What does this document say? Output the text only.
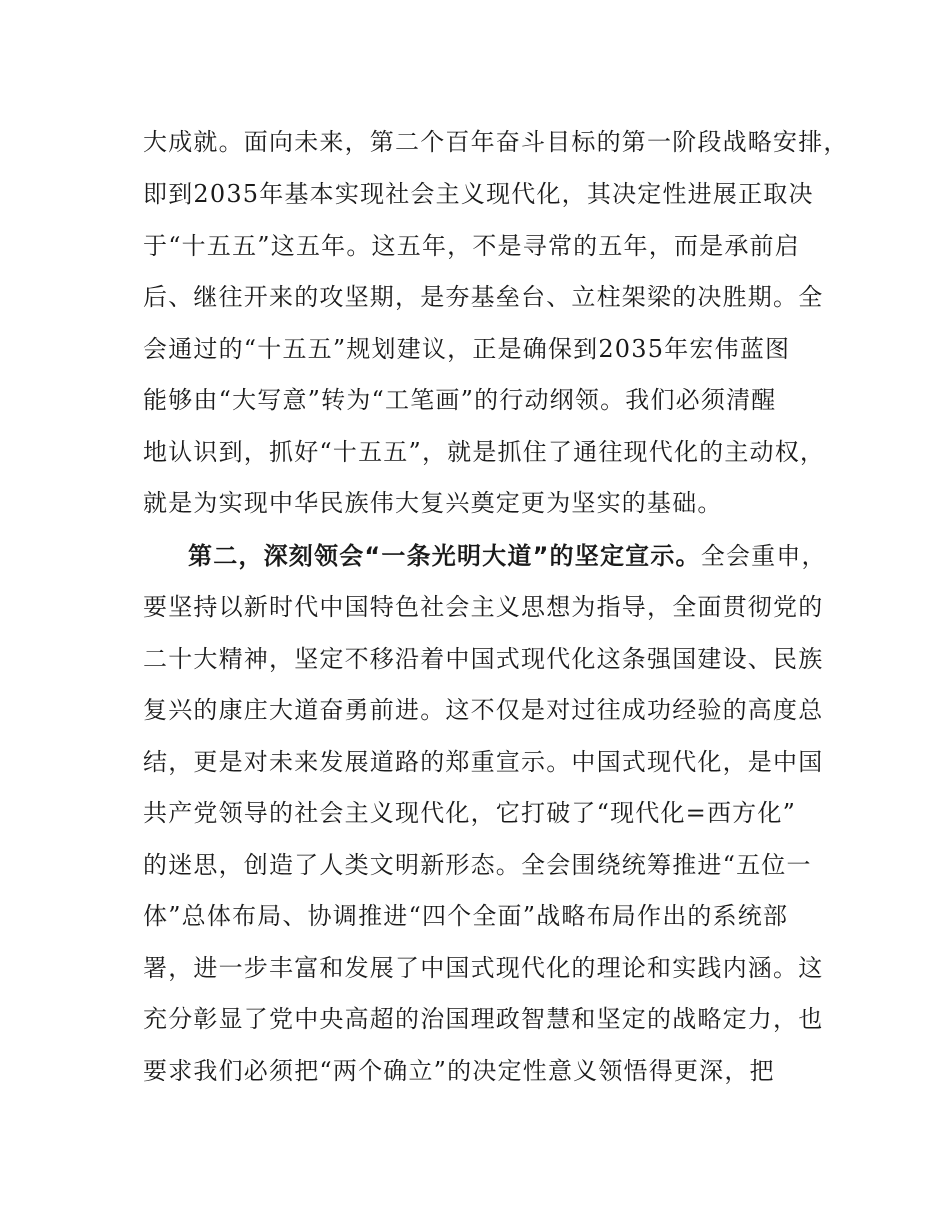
大成就。面向未来，第二个百年奋斗目标的第一阶段战略安排，
即到2035年基本实现社会主义现代化，其决定性进展正取决
于“十五五”这五年。这五年，不是寻常的五年，而是承前启
后、继往开来的攻坚期，是夯基垒台、立柱架梁的决胜期。全
会通过的“十五五”规划建议，正是确保到2035年宏伟蓝图
能够由“大写意”转为“工笔画”的行动纲领。我们必须清醒
地认识到，抓好“十五五”，就是抓住了通往现代化的主动权，
就是为实现中华民族伟大复兴奠定更为坚实的基础。
第二，深刻领会“一条光明大道”的坚定宣示。全会重申，
要坚持以新时代中国特色社会主义思想为指导，全面贯彻党的
二十大精神，坚定不移沿着中国式现代化这条强国建设、民族
复兴的康庄大道奋勇前进。这不仅是对过往成功经验的高度总
结，更是对未来发展道路的郑重宣示。中国式现代化，是中国
共产党领导的社会主义现代化，它打破了“现代化=西方化”
的迷思，创造了人类文明新形态。全会围绕统筹推进“五位一
体”总体布局、协调推进“四个全面”战略布局作出的系统部
署，进一步丰富和发展了中国式现代化的理论和实践内涵。这
充分彰显了党中央高超的治国理政智慧和坚定的战略定力，也
要求我们必须把“两个确立”的决定性意义领悟得更深，把
